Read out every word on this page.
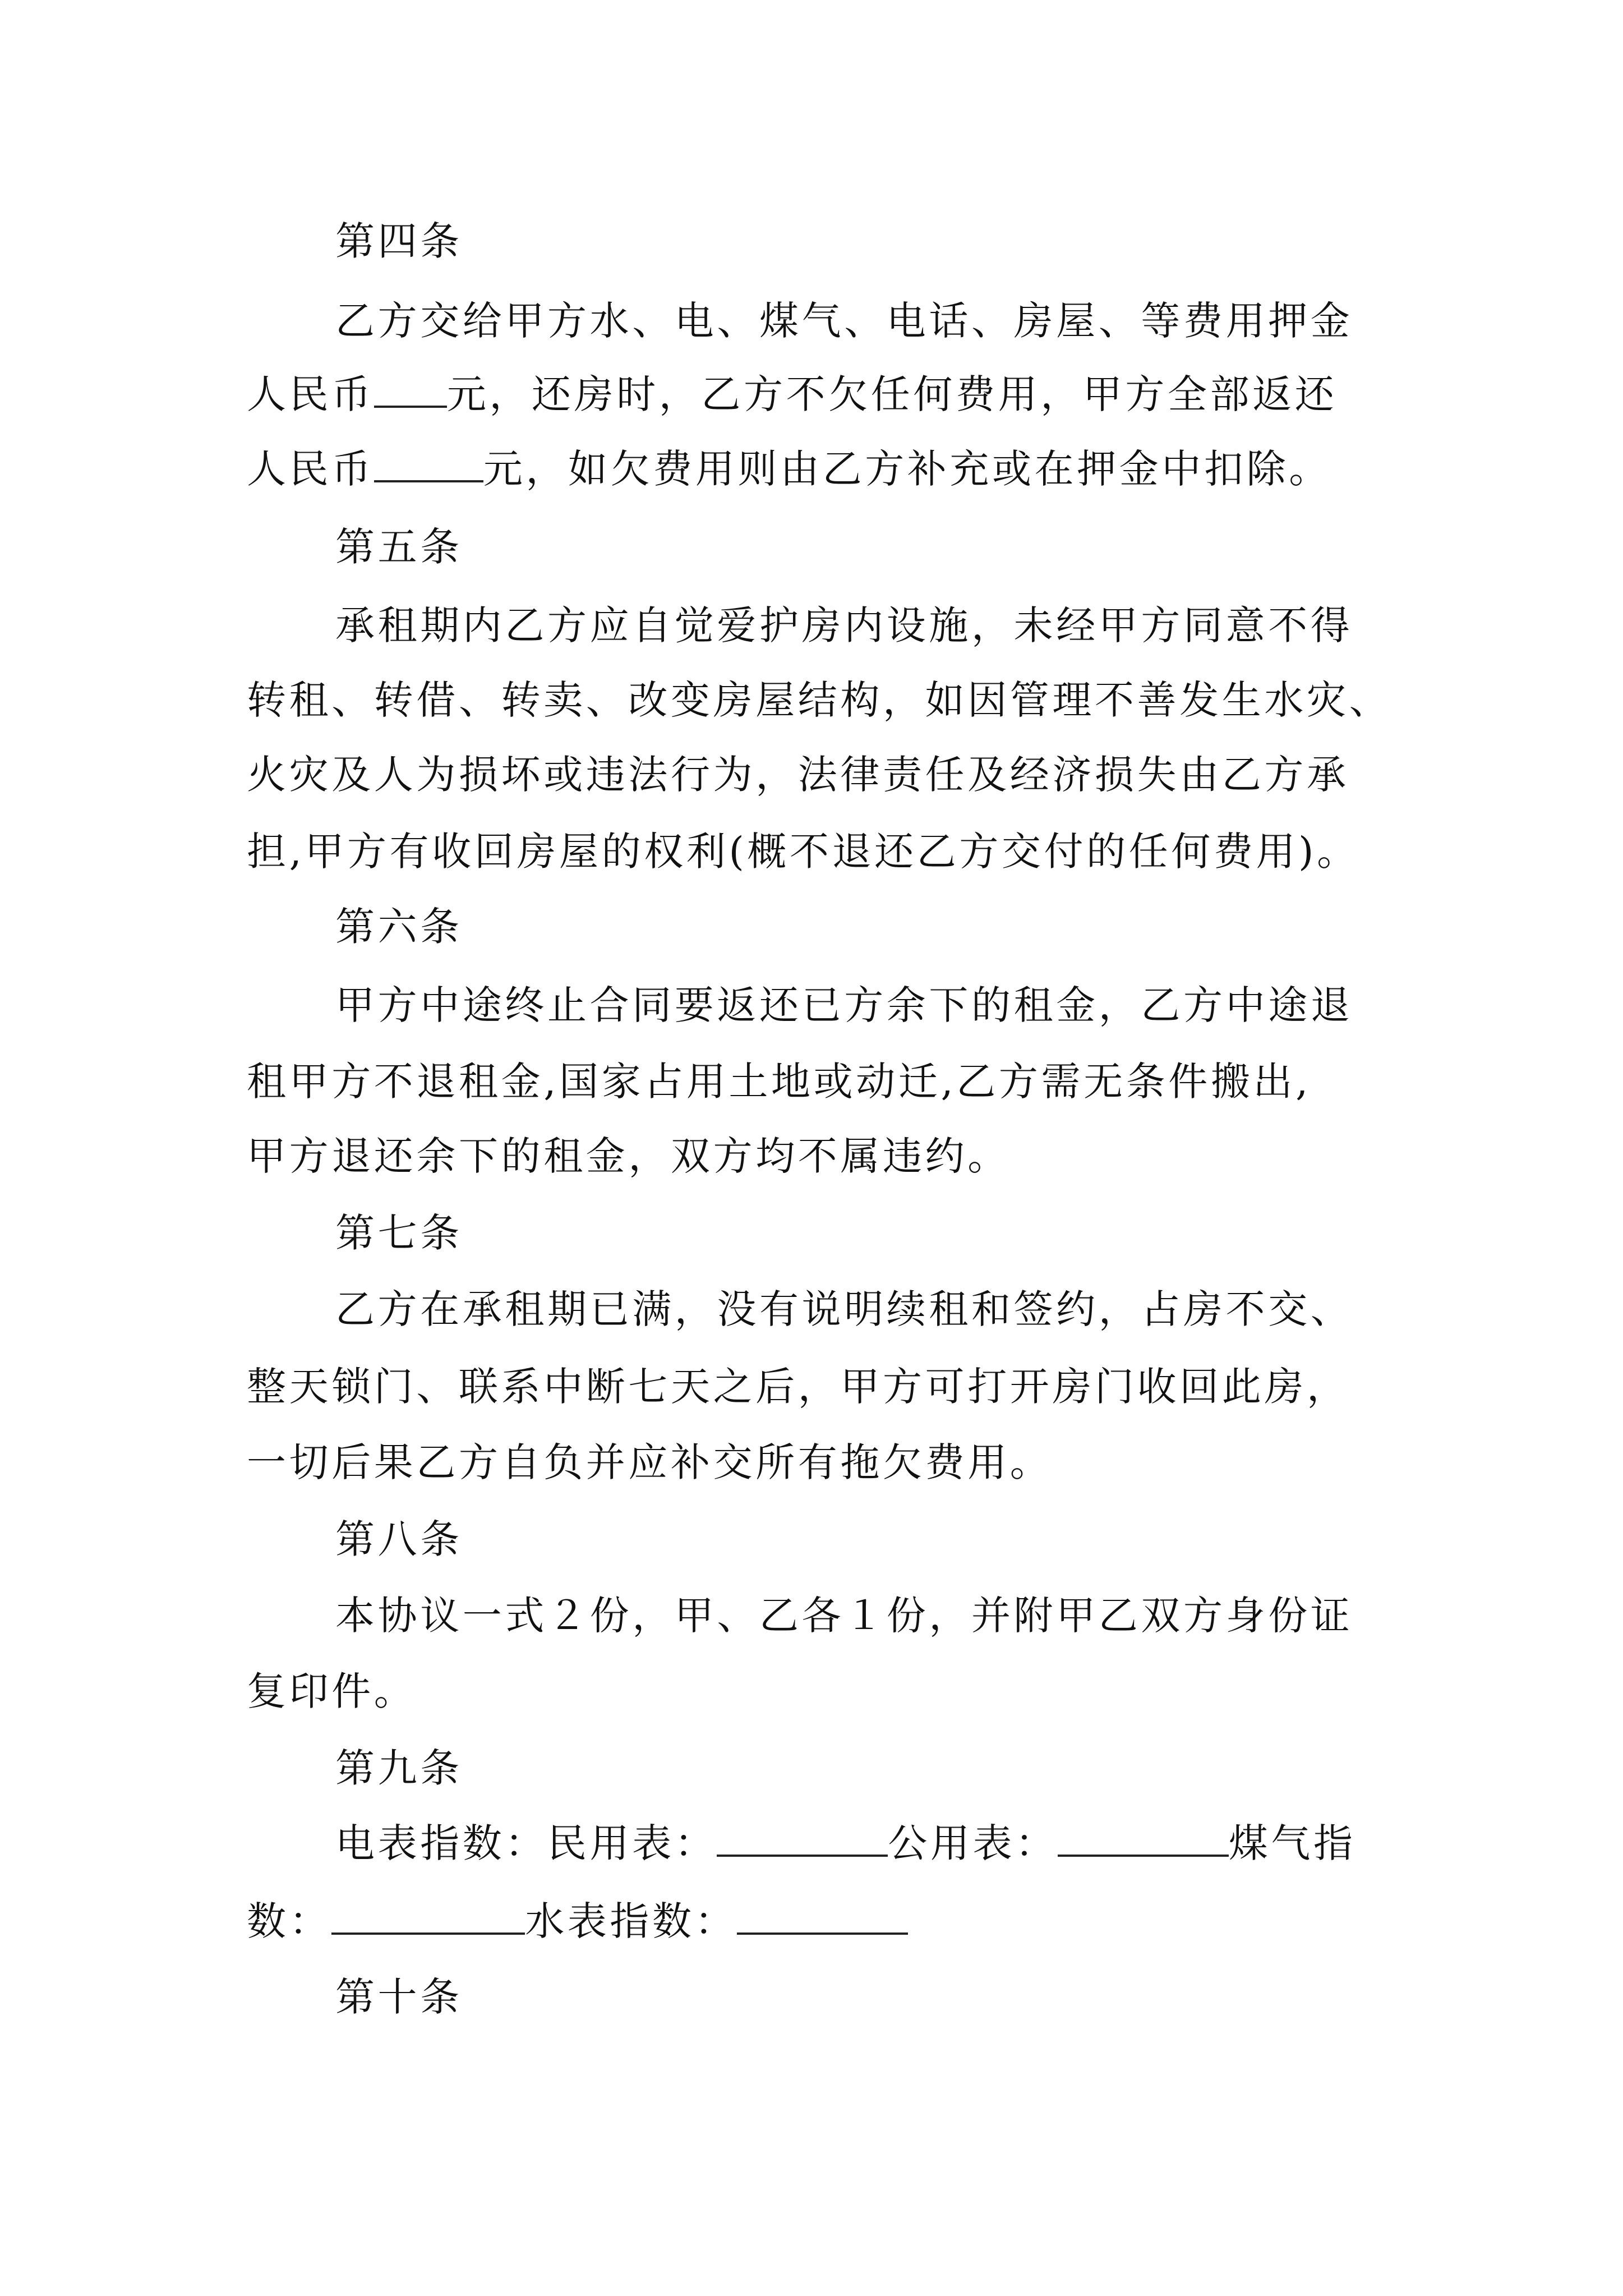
第四条
乙方交给甲方水、电、煤气、电话、房屋、等费用押金
人民币 元，还房时，乙方不欠任何费用，甲方全部返还
人民币	元，如欠费用则由乙方补充或在押金中扣除。
第五条
承租期内乙方应自觉爱护房内设施，未经甲方同意不得
转租、转借、转卖、改变房屋结构，如因管理不善发生水灾、
火灾及人为损坏或违法行为，法律责任及经济损失由乙方承
担,甲方有收回房屋的权利(概不退还乙方交付的任何费用)。
第六条
甲方中途终止合同要返还已方余下的租金，乙方中途退
租甲方不退租金,国家占用土地或动迁,乙方需无条件搬出,
甲方退还余下的租金，双方均不属违约。
第七条
乙方在承租期已满，没有说明续租和签约，占房不交、
整天锁门、联系中断七天之后，甲方可打开房门收回此房，
一切后果乙方自负并应补交所有拖欠费用。
第八条
本协议一式２份，甲、乙各１份，并附甲乙双方身份证
复印件。
第九条
电表指数：民用表：	公用表：	煤气指
数：	水表指数：
第十条
